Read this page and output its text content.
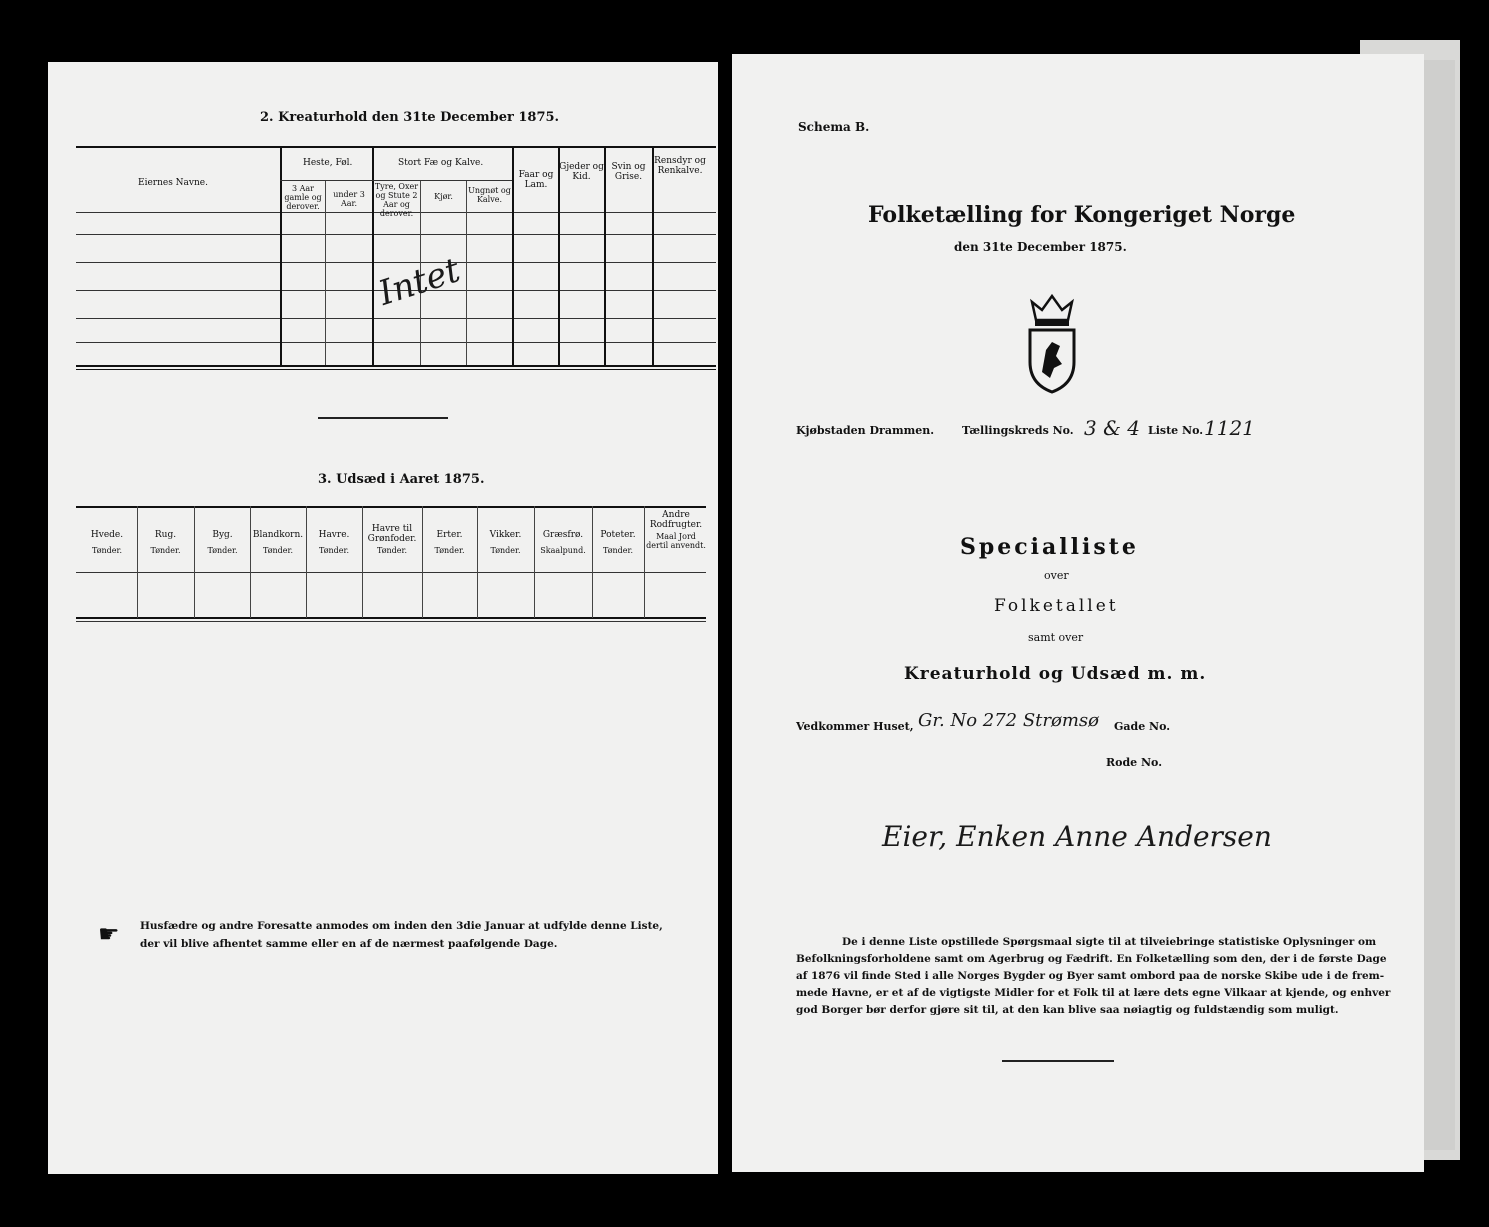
2. Kreaturhold den 31te December 1875.
Eiernes Navne.
Heste, Føl.
3 Aar gamle og derover.
under 3 Aar.
Stort Fæ og Kalve.
Tyre, Oxer og Stute 2 Aar og derover.
Kjør.
Ungnøt og Kalve.
Faar og Lam.
Gjeder og Kid.
Svin og Grise.
Rensdyr og Renkalve.
Intet
3. Udsæd i Aaret 1875.
Hvede.
Tønder.
Rug.
Tønder.
Byg.
Tønder.
Blandkorn.
Tønder.
Havre.
Tønder.
Havre til Grønfoder.
Tønder.
Erter.
Tønder.
Vikker.
Tønder.
Græsfrø.
Skaalpund.
Poteter.
Tønder.
Andre Rodfrugter.
Maal Jord dertil anvendt.
☛ Husfædre og andre Foresatte anmodes om inden den 3die Januar at udfylde denne Liste, der vil blive afhentet samme eller en af de nærmest paafølgende Dage.
Schema B.
Folketælling for Kongeriget Norge
den 31te December 1875.
Kjøbstaden Drammen.	Tællingskreds No. 3 & 4 Liste No. 1121
Specialliste
over
Folketallet
samt over
Kreaturhold og Udsæd m. m.
Vedkommer Huset, Gr. No 272 Strømsø Gade No.
Rode No.
Eier, Enken Anne Andersen
De i denne Liste opstillede Spørgsmaal sigte til at tilveiebringe statistiske Oplysninger om
Befolkningsforholdene samt om Agerbrug og Fædrift. En Folketælling som den, der i de første Dage
af 1876 vil finde Sted i alle Norges Bygder og Byer samt ombord paa de norske Skibe ude i de frem-
mede Havne, er et af de vigtigste Midler for et Folk til at lære dets egne Vilkaar at kjende, og enhver
god Borger bør derfor gjøre sit til, at den kan blive saa nøiagtig og fuldstændig som muligt.
